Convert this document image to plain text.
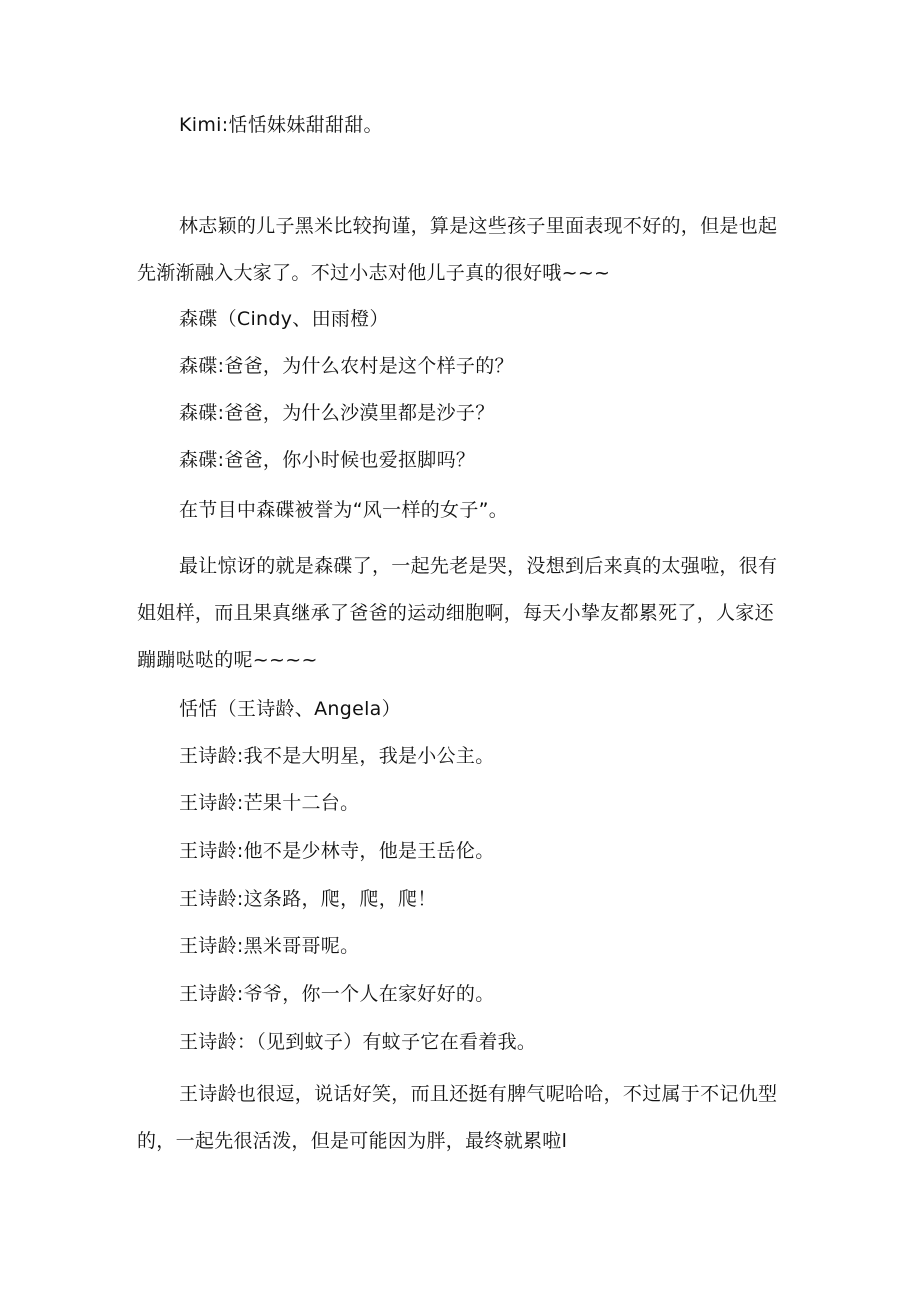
Kimi:恬恬妹妹甜甜甜。

林志颖的儿子黑米比较拘谨，算是这些孩子里面表现不好的，但是也起先渐渐融入大家了。不过小志对他儿子真的很好哦~~~

森碟（Cindy、田雨橙）

森碟:爸爸，为什么农村是这个样子的？

森碟:爸爸，为什么沙漠里都是沙子？

森碟:爸爸，你小时候也爱抠脚吗？

在节目中森碟被誉为“风一样的女子”。

最让惊讶的就是森碟了，一起先老是哭，没想到后来真的太强啦，很有姐姐样，而且果真继承了爸爸的运动细胞啊，每天小挚友都累死了，人家还蹦蹦哒哒的呢~~~~

恬恬（王诗龄、Angela）

王诗龄:我不是大明星，我是小公主。

王诗龄:芒果十二台。

王诗龄:他不是少林寺，他是王岳伦。

王诗龄:这条路，爬，爬，爬！

王诗龄:黑米哥哥呢。

王诗龄:爷爷，你一个人在家好好的。

王诗龄：（见到蚊子）有蚊子它在看着我。

王诗龄也很逗，说话好笑，而且还挺有脾气呢哈哈，不过属于不记仇型的，一起先很活泼，但是可能因为胖，最终就累啦l
